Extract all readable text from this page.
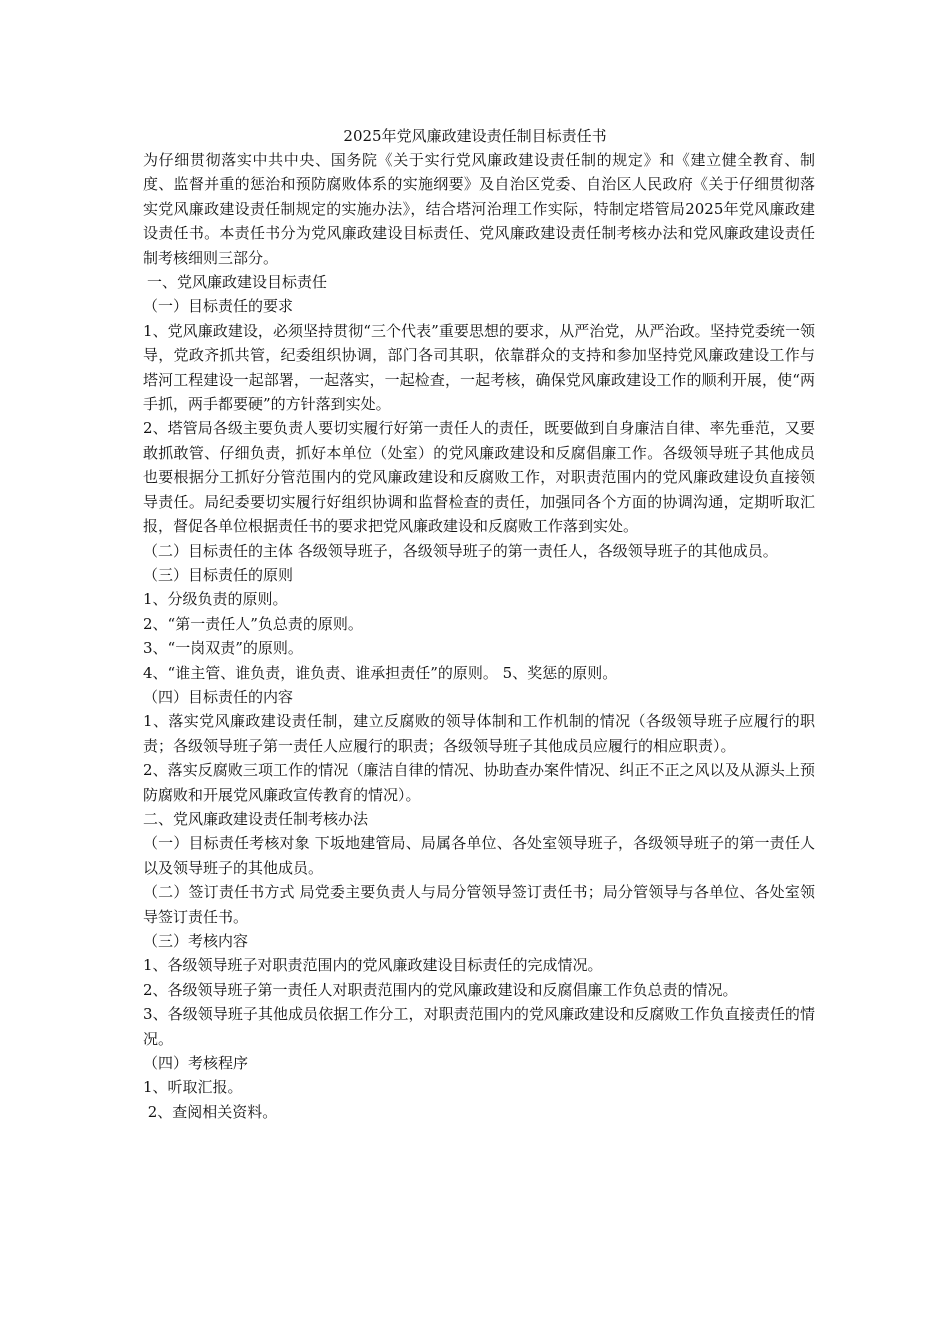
2025年党风廉政建设责任制目标责任书

为仔细贯彻落实中共中央、国务院《关于实行党风廉政建设责任制的规定》和《建立健全教育、制度、监督并重的惩治和预防腐败体系的实施纲要》及自治区党委、自治区人民政府《关于仔细贯彻落实党风廉政建设责任制规定的实施办法》，结合塔河治理工作实际，特制定塔管局2025年党风廉政建设责任书。本责任书分为党风廉政建设目标责任、党风廉政建设责任制考核办法和党风廉政建设责任制考核细则三部分。

一、党风廉政建设目标责任

（一）目标责任的要求

1、党风廉政建设，必须坚持贯彻“三个代表”重要思想的要求，从严治党，从严治政。坚持党委统一领导，党政齐抓共管，纪委组织协调，部门各司其职，依靠群众的支持和参加坚持党风廉政建设工作与塔河工程建设一起部署，一起落实，一起检查，一起考核，确保党风廉政建设工作的顺利开展，使“两手抓，两手都要硬”的方针落到实处。

2、塔管局各级主要负责人要切实履行好第一责任人的责任，既要做到自身廉洁自律、率先垂范，又要敢抓敢管、仔细负责，抓好本单位（处室）的党风廉政建设和反腐倡廉工作。各级领导班子其他成员也要根据分工抓好分管范围内的党风廉政建设和反腐败工作，对职责范围内的党风廉政建设负直接领导责任。局纪委要切实履行好组织协调和监督检查的责任，加强同各个方面的协调沟通，定期听取汇报，督促各单位根据责任书的要求把党风廉政建设和反腐败工作落到实处。

（二）目标责任的主体 各级领导班子，各级领导班子的第一责任人，各级领导班子的其他成员。

（三）目标责任的原则

1、分级负责的原则。

2、“第一责任人”负总责的原则。

3、“一岗双责”的原则。

4、“谁主管、谁负责，谁负责、谁承担责任”的原则。 5、奖惩的原则。

（四）目标责任的内容

1、落实党风廉政建设责任制，建立反腐败的领导体制和工作机制的情况（各级领导班子应履行的职责；各级领导班子第一责任人应履行的职责；各级领导班子其他成员应履行的相应职责）。

2、落实反腐败三项工作的情况（廉洁自律的情况、协助查办案件情况、纠正不正之风以及从源头上预防腐败和开展党风廉政宣传教育的情况）。

二、党风廉政建设责任制考核办法

（一）目标责任考核对象 下坂地建管局、局属各单位、各处室领导班子，各级领导班子的第一责任人以及领导班子的其他成员。

（二）签订责任书方式 局党委主要负责人与局分管领导签订责任书；局分管领导与各单位、各处室领导签订责任书。

（三）考核内容

1、各级领导班子对职责范围内的党风廉政建设目标责任的完成情况。

2、各级领导班子第一责任人对职责范围内的党风廉政建设和反腐倡廉工作负总责的情况。

3、各级领导班子其他成员依据工作分工，对职责范围内的党风廉政建设和反腐败工作负直接责任的情况。

（四）考核程序

1、听取汇报。

2、查阅相关资料。
